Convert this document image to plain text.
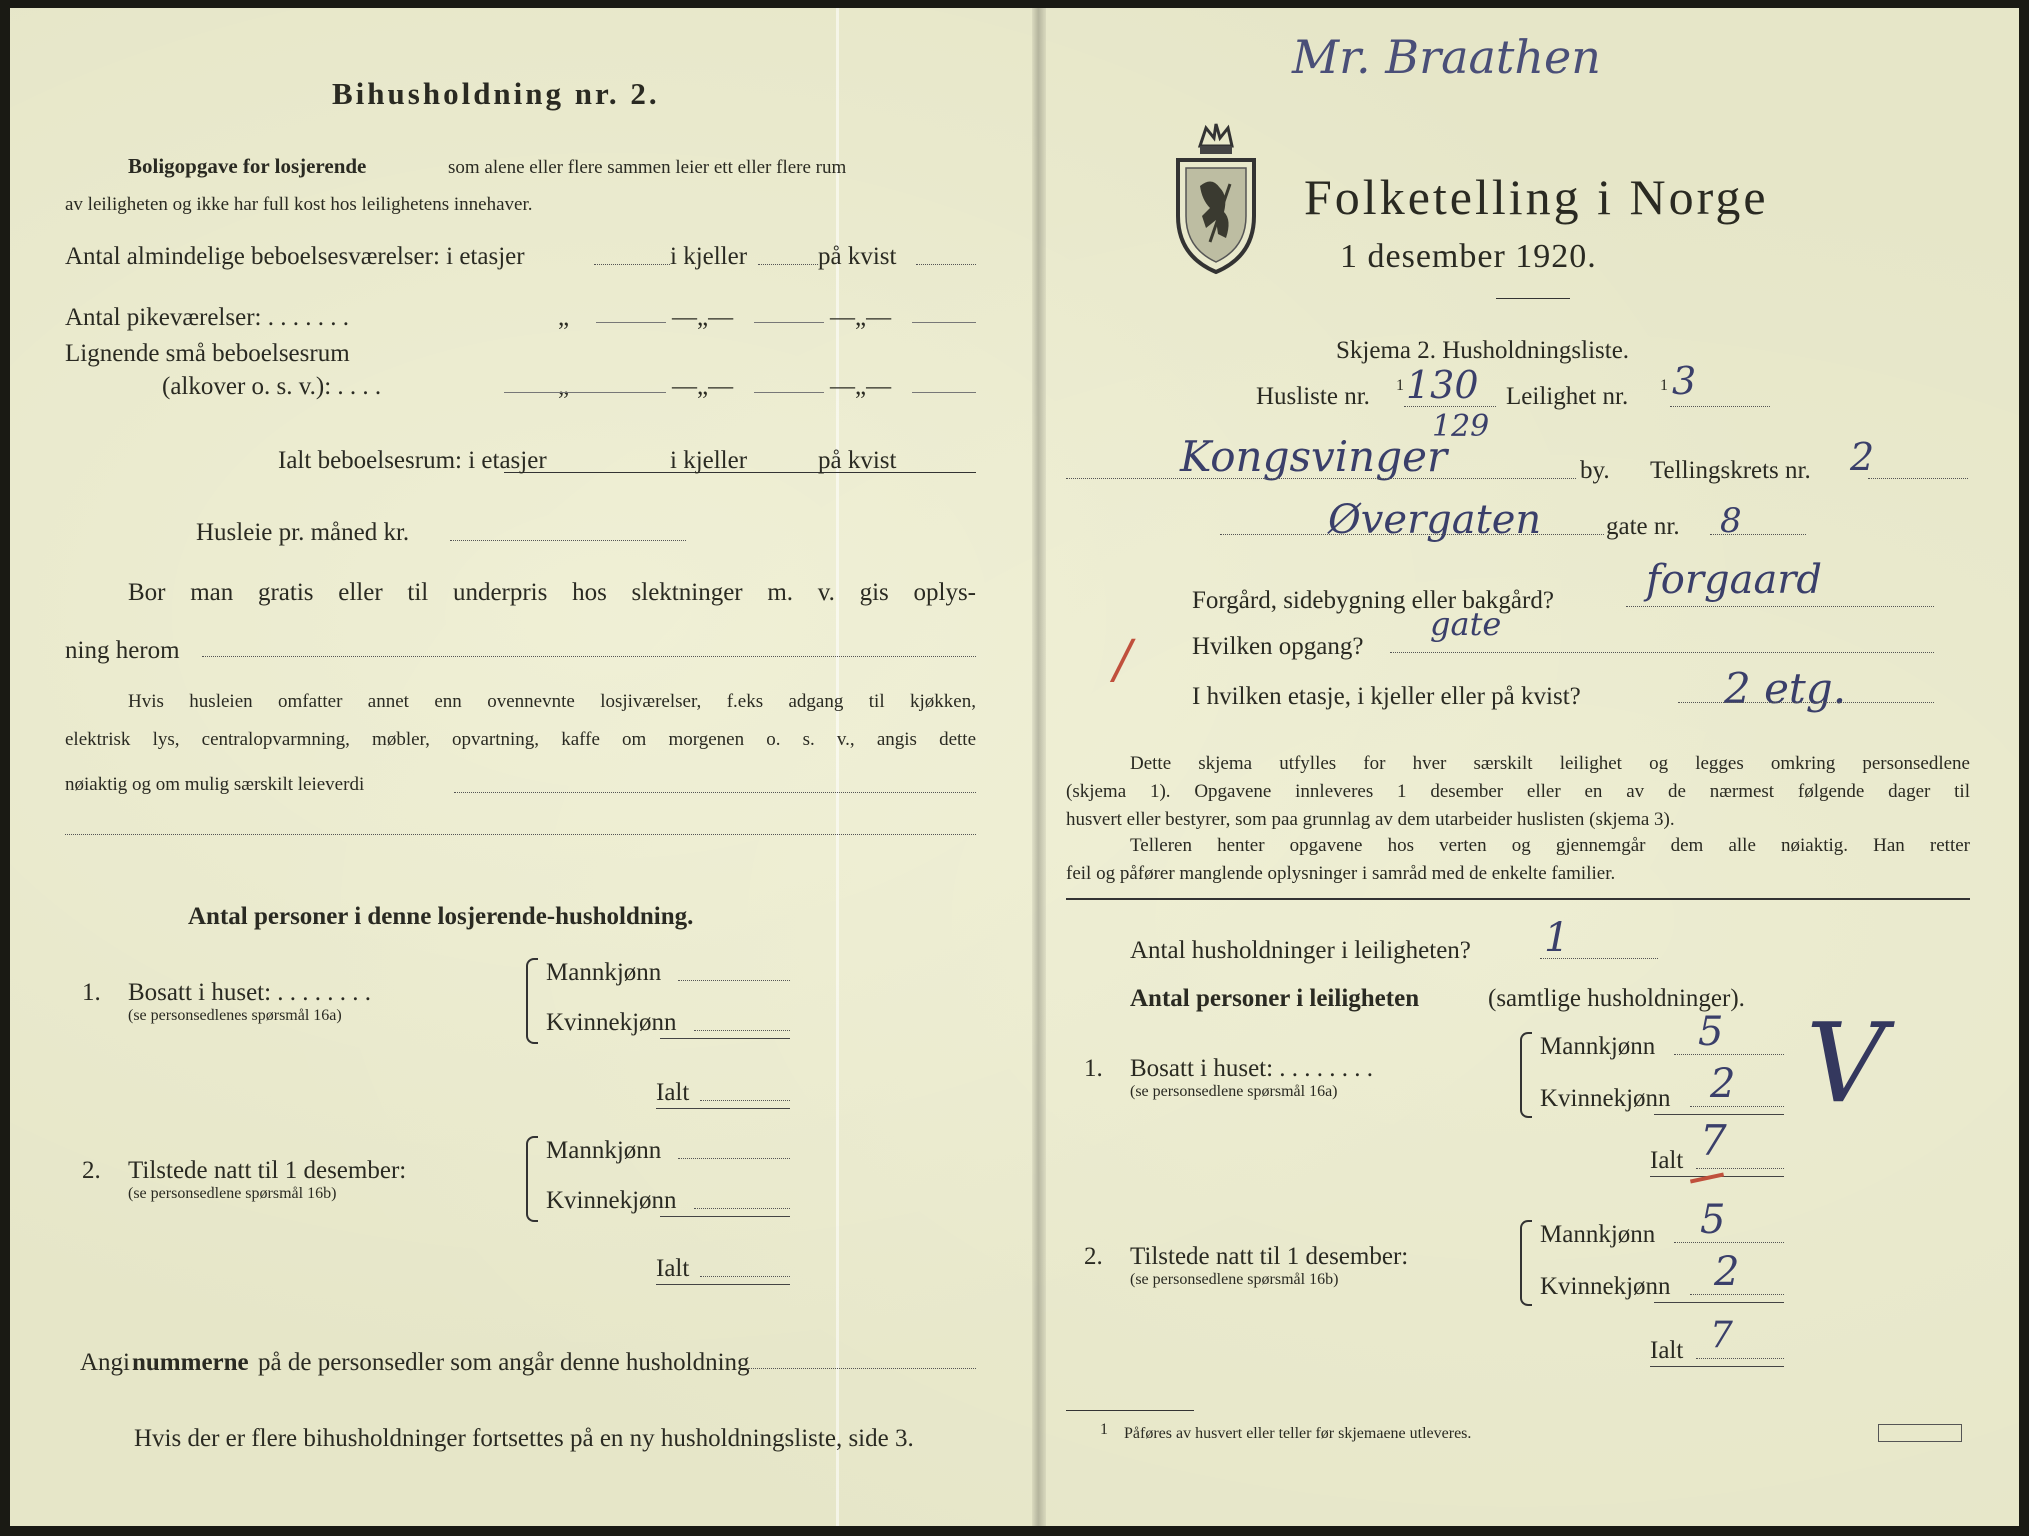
Bihusholdning nr. 2.
Boligopgave for losjerende	som alene eller flere sammen leier ett eller flere rum
av leiligheten og ikke har full kost hos leilighetens innehaver.
Antal almindelige beboelsesværelser: i etasjer	i kjeller	på kvist
Antal pikeværelser: . . . . . . .	„	—„—	—„—
Lignende små beboelsesrum
(alkover o. s. v.): . . . .	„	—„—	—„—
Ialt beboelsesrum: i etasjer	i kjeller	på kvist
Husleie pr. måned kr.
Bor man gratis eller til underpris hos slektninger m. v. gis oplys-
ning herom
Hvis husleien omfatter annet enn ovennevnte losjiværelser, f.eks adgang til kjøkken,
elektrisk lys, centralopvarmning, møbler, opvartning, kaffe om morgenen o. s. v., angis dette
nøiaktig og om mulig særskilt leieverdi
Antal personer i denne losjerende-husholdning.
1. Bosatt i huset: . . . . . . . .
(se personsedlenes spørsmål 16a)
Mannkjønn
Kvinnekjønn
Ialt
2. Tilstede natt til 1 desember:
(se personsedlene spørsmål 16b)
Mannkjønn
Kvinnekjønn
Ialt
Angi nummerne på de personsedler som angår denne husholdning
Hvis der er flere bihusholdninger fortsettes på en ny husholdningsliste, side 3.
Mr. Braathen
Folketelling i Norge
1 desember 1920.
Skjema 2. Husholdningsliste.
Husliste nr. 1 130 Leilighet nr. 1 3
129
Kongsvinger	by. Tellingskrets nr. 2
Øvergaten	gate nr. 8
Forgård, sidebygning eller bakgård? forgaard
Hvilken opgang?
gate
I hvilken etasje, i kjeller eller på kvist?	2 etg.
/
Dette skjema utfylles for hver særskilt leilighet og legges omkring personsedlene
(skjema 1). Opgavene innleveres 1 desember eller en av de nærmest følgende dager til
husvert eller bestyrer, som paa grunnlag av dem utarbeider huslisten (skjema 3).
Telleren henter opgavene hos verten og gjennemgår dem alle nøiaktig. Han retter
feil og påfører manglende oplysninger i samråd med de enkelte familier.
Antal husholdninger i leiligheten? 1
Antal personer i leiligheten	(samtlige husholdninger).
1. Bosatt i huset: . . . . . . . .
(se personsedlene spørsmål 16a)
Mannkjønn 5
Kvinnekjønn 2
Ialt 7
V
2. Tilstede natt til 1 desember:
(se personsedlene spørsmål 16b)
Mannkjønn 5
Kvinnekjønn 2
Ialt 7
1 Påføres av husvert eller teller før skjemaene utleveres.
